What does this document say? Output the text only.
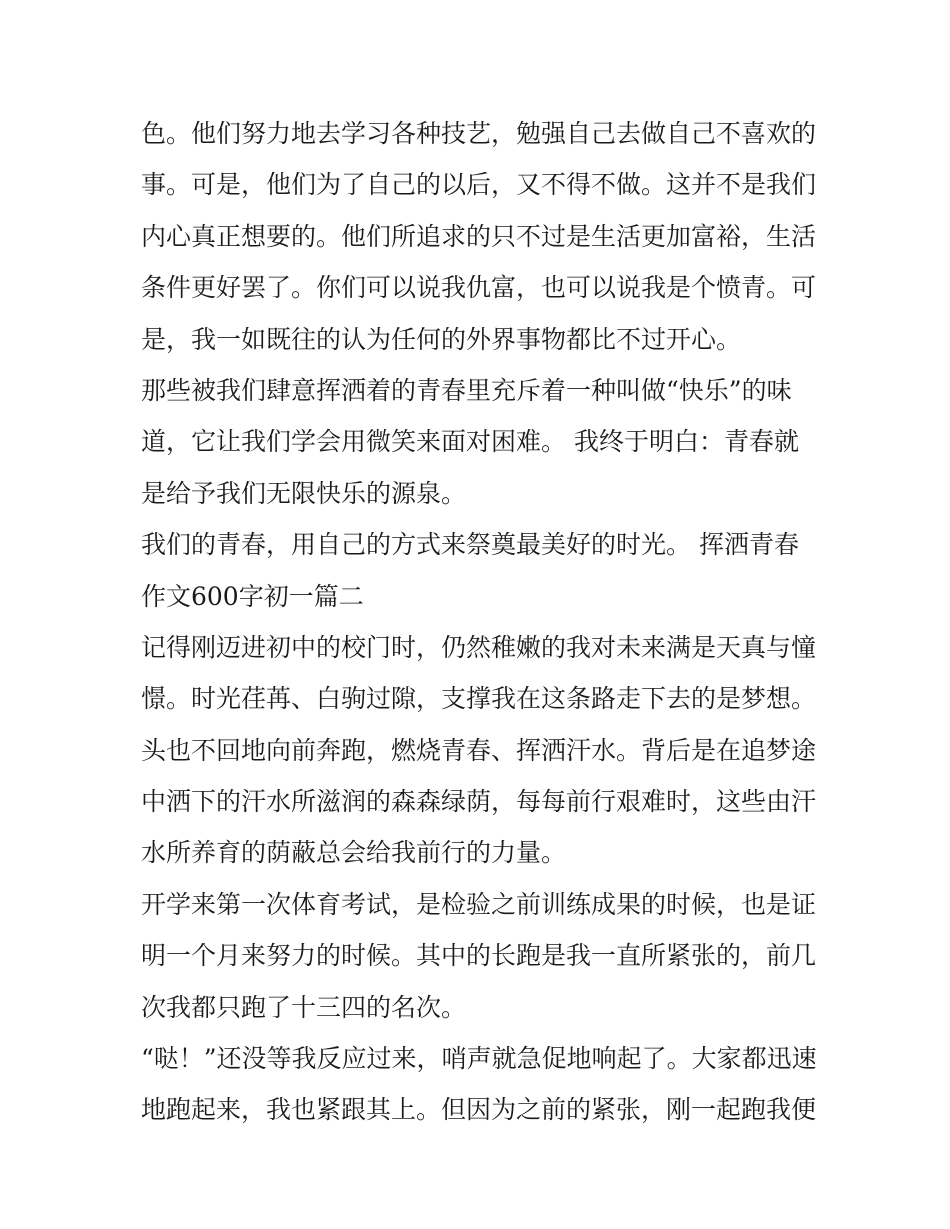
色。他们努力地去学习各种技艺，勉强自己去做自己不喜欢的
事。可是，他们为了自己的以后，又不得不做。这并不是我们
内心真正想要的。他们所追求的只不过是生活更加富裕，生活
条件更好罢了。你们可以说我仇富，也可以说我是个愤青。可
是，我一如既往的认为任何的外界事物都比不过开心。
那些被我们肆意挥洒着的青春里充斥着一种叫做“快乐”的味
道，它让我们学会用微笑来面对困难。 我终于明白：青春就
是给予我们无限快乐的源泉。
我们的青春，用自己的方式来祭奠最美好的时光。 挥洒青春
作文600字初一篇二
记得刚迈进初中的校门时，仍然稚嫩的我对未来满是天真与憧
憬。时光荏苒、白驹过隙，支撑我在这条路走下去的是梦想。
头也不回地向前奔跑，燃烧青春、挥洒汗水。背后是在追梦途
中洒下的汗水所滋润的森森绿荫，每每前行艰难时，这些由汗
水所养育的荫蔽总会给我前行的力量。
开学来第一次体育考试，是检验之前训练成果的时候，也是证
明一个月来努力的时候。其中的长跑是我一直所紧张的，前几
次我都只跑了十三四的名次。
“哒！”还没等我反应过来，哨声就急促地响起了。大家都迅速
地跑起来，我也紧跟其上。但因为之前的紧张，刚一起跑我便
